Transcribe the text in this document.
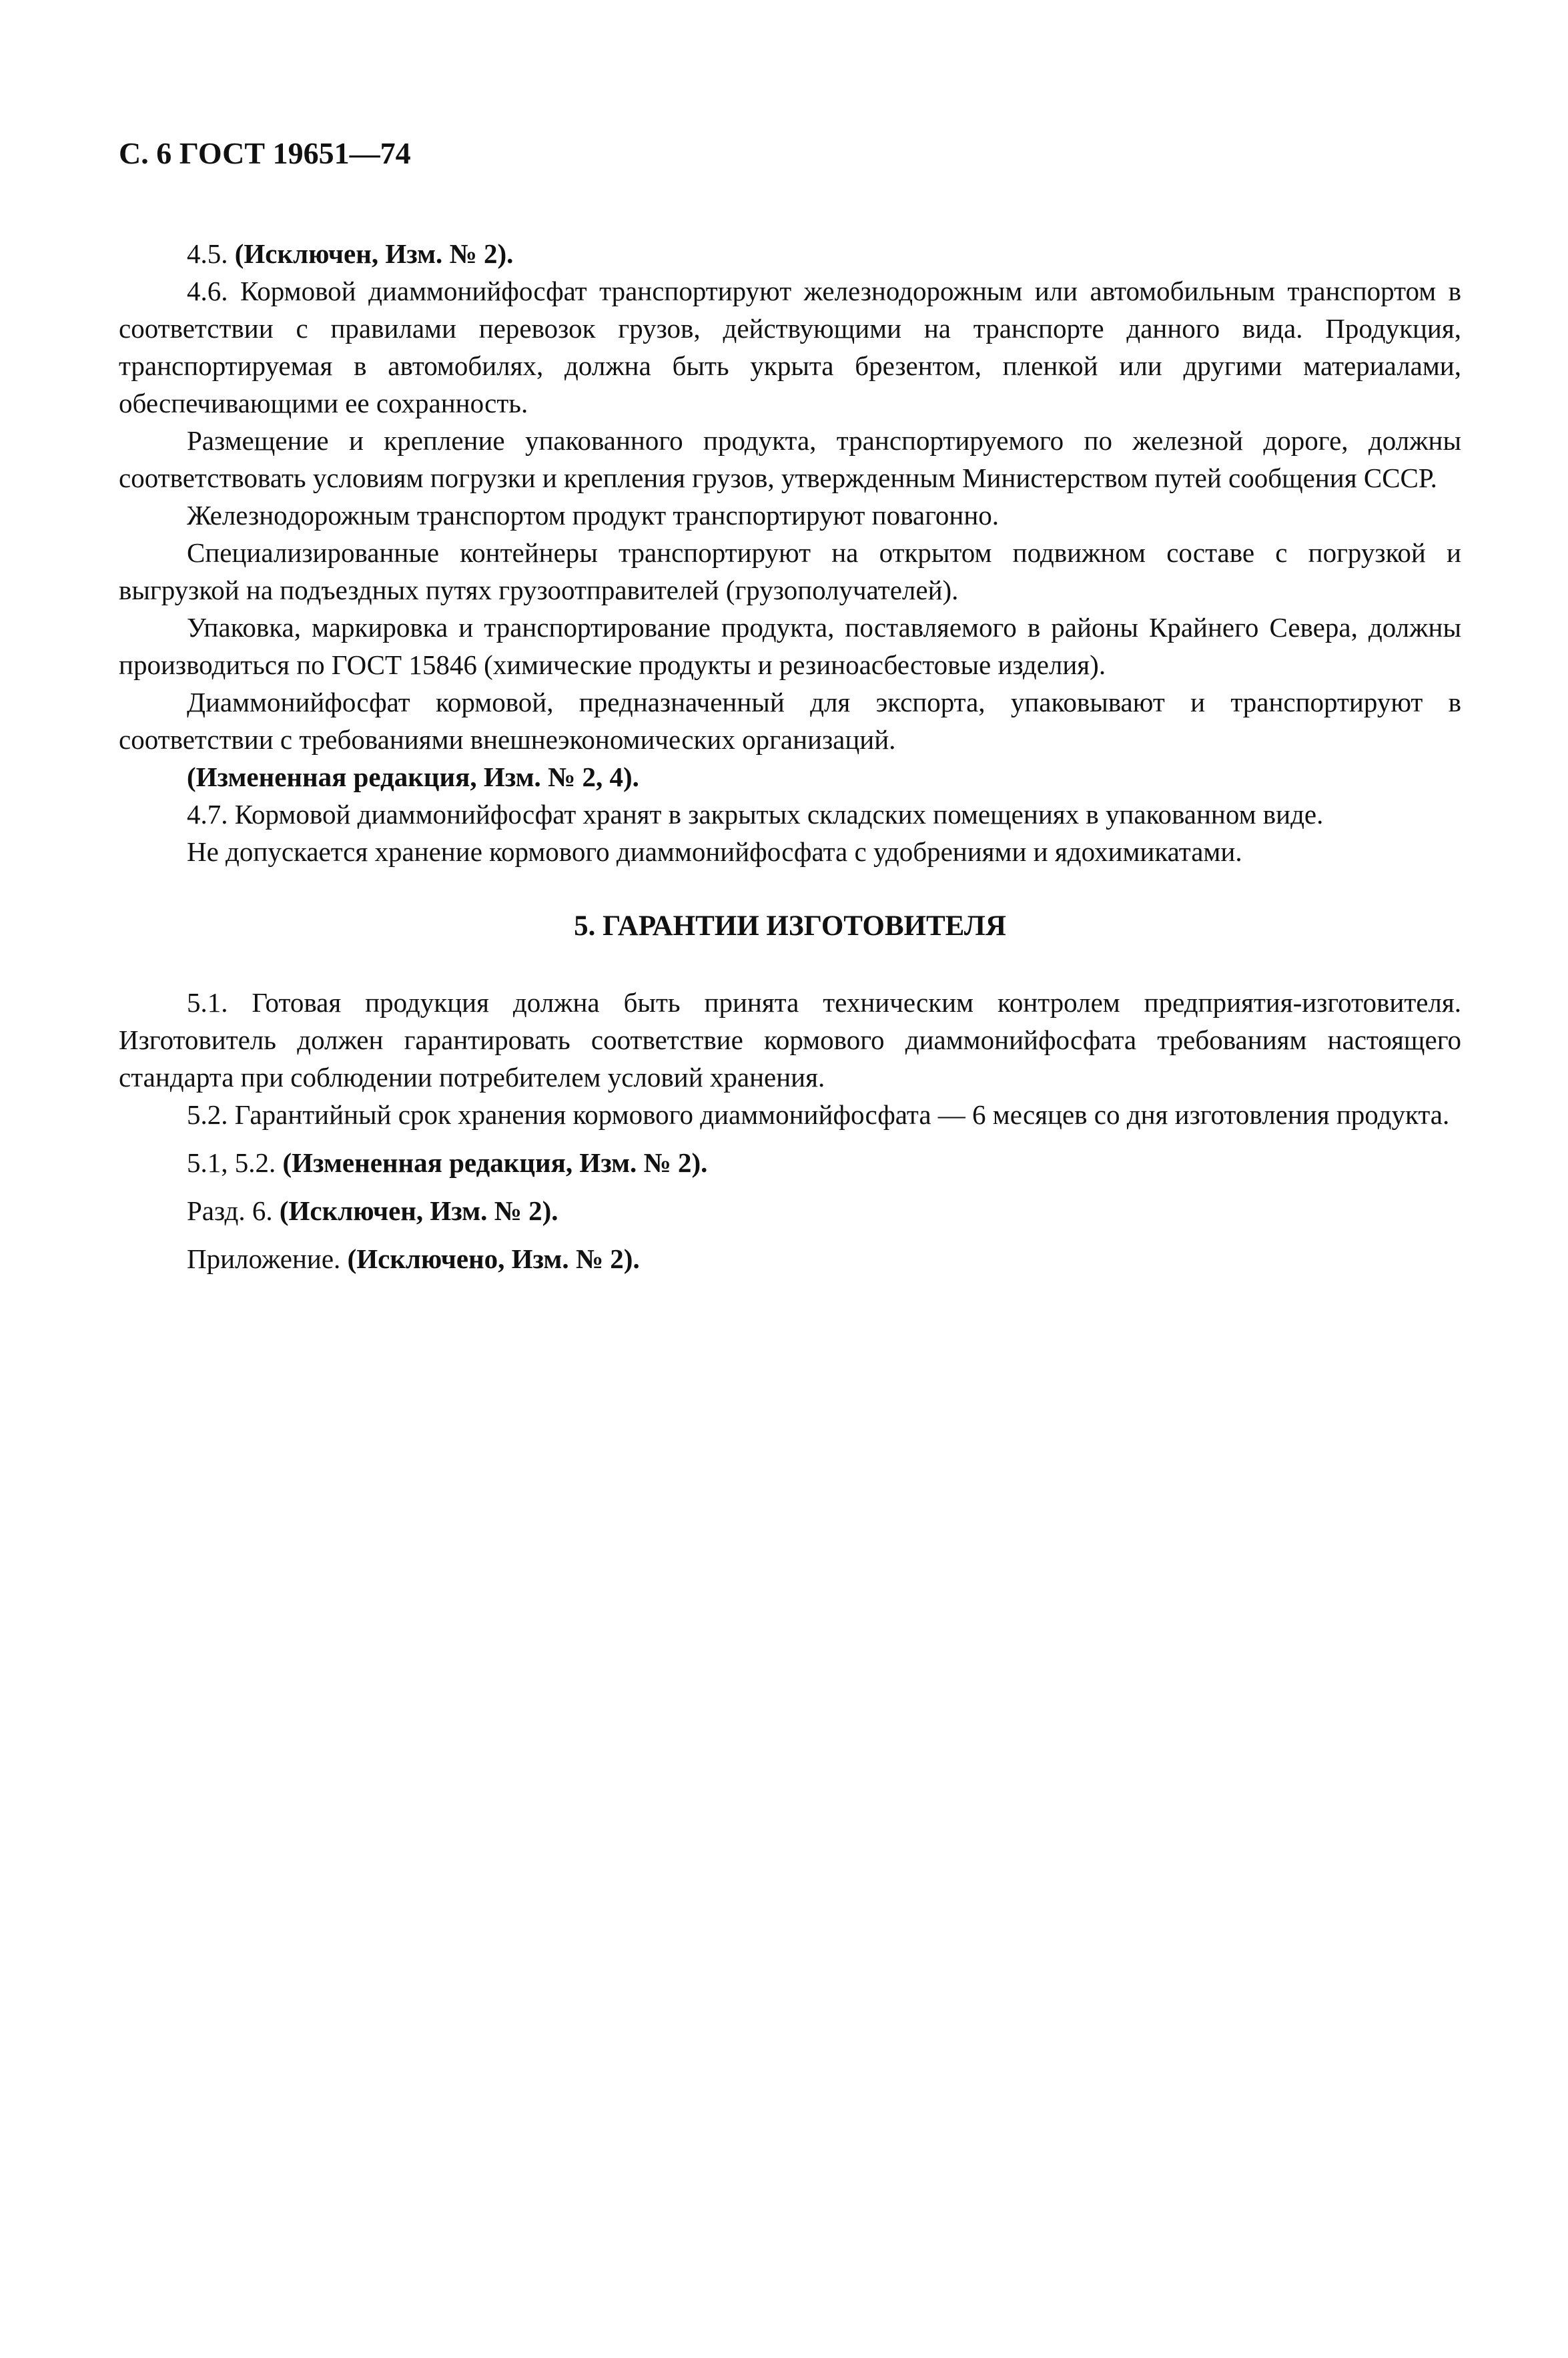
С. 6 ГОСТ 19651—74

4.5. (Исключен, Изм. № 2).

4.6. Кормовой диаммонийфосфат транспортируют железнодорожным или автомобильным транспортом в соответствии с правилами перевозок грузов, действующими на транспорте данного вида. Продукция, транспортируемая в автомобилях, должна быть укрыта брезентом, пленкой или другими материалами, обеспечивающими ее сохранность.

Размещение и крепление упакованного продукта, транспортируемого по железной дороге, должны соответствовать условиям погрузки и крепления грузов, утвержденным Министерством путей сообщения СССР.

Железнодорожным транспортом продукт транспортируют повагонно.

Специализированные контейнеры транспортируют на открытом подвижном составе с погрузкой и выгрузкой на подъездных путях грузоотправителей (грузополучателей).

Упаковка, маркировка и транспортирование продукта, поставляемого в районы Крайнего Севера, должны производиться по ГОСТ 15846 (химические продукты и резиноасбестовые изделия).

Диаммонийфосфат кормовой, предназначенный для экспорта, упаковывают и транспортируют в соответствии с требованиями внешнеэкономических организаций.

(Измененная редакция, Изм. № 2, 4).

4.7. Кормовой диаммонийфосфат хранят в закрытых складских помещениях в упакованном виде.

Не допускается хранение кормового диаммонийфосфата с удобрениями и ядохимикатами.

5. ГАРАНТИИ ИЗГОТОВИТЕЛЯ

5.1. Готовая продукция должна быть принята техническим контролем предприятия-изготовителя. Изготовитель должен гарантировать соответствие кормового диаммонийфосфата требованиям настоящего стандарта при соблюдении потребителем условий хранения.

5.2. Гарантийный срок хранения кормового диаммонийфосфата — 6 месяцев со дня изготовления продукта.

5.1, 5.2. (Измененная редакция, Изм. № 2).

Разд. 6. (Исключен, Изм. № 2).

Приложение. (Исключено, Изм. № 2).
